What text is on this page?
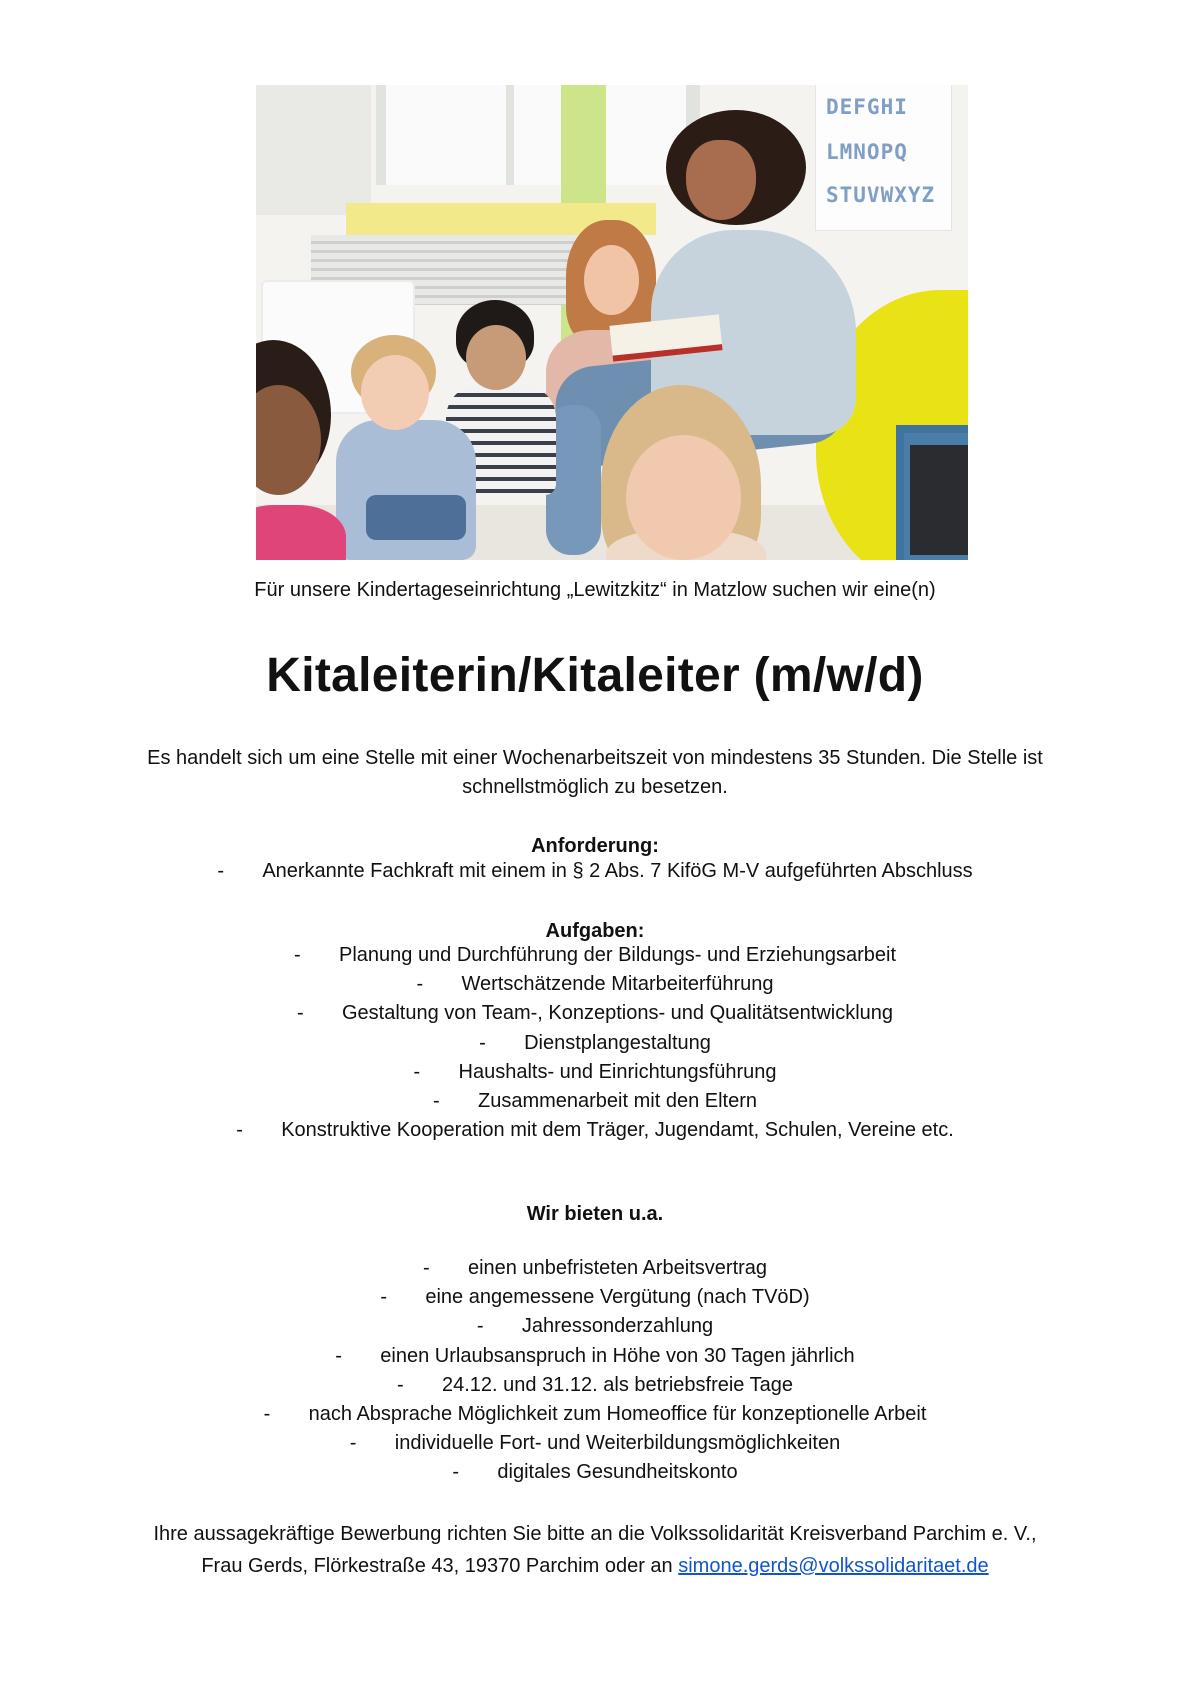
DEFGHI
LMNOPQ
STUVWXYZ
Für unsere Kindertageseinrichtung „Lewitzkitz“ in Matzlow suchen wir eine(n)
Kitaleiterin/Kitaleiter (m/w/d)
Es handelt sich um eine Stelle mit einer Wochenarbeitszeit von mindestens 35 Stunden. Die Stelle ist schnellstmöglich zu besetzen.
Anforderung:
- Anerkannte Fachkraft mit einem in § 2 Abs. 7 KiföG M-V aufgeführten Abschluss
Aufgaben:
- Planung und Durchführung der Bildungs- und Erziehungsarbeit
- Wertschätzende Mitarbeiterführung
- Gestaltung von Team-, Konzeptions- und Qualitätsentwicklung
- Dienstplangestaltung
- Haushalts- und Einrichtungsführung
- Zusammenarbeit mit den Eltern
- Konstruktive Kooperation mit dem Träger, Jugendamt, Schulen, Vereine etc.
Wir bieten u.a.
- einen unbefristeten Arbeitsvertrag
- eine angemessene Vergütung (nach TVöD)
- Jahressonderzahlung
- einen Urlaubsanspruch in Höhe von 30 Tagen jährlich
- 24.12. und 31.12. als betriebsfreie Tage
- nach Absprache Möglichkeit zum Homeoffice für konzeptionelle Arbeit
- individuelle Fort- und Weiterbildungsmöglichkeiten
- digitales Gesundheitskonto
Ihre aussagekräftige Bewerbung richten Sie bitte an die Volkssolidarität Kreisverband Parchim e. V.,
Frau Gerds, Flörkestraße 43, 19370 Parchim oder an simone.gerds@volkssolidaritaet.de
